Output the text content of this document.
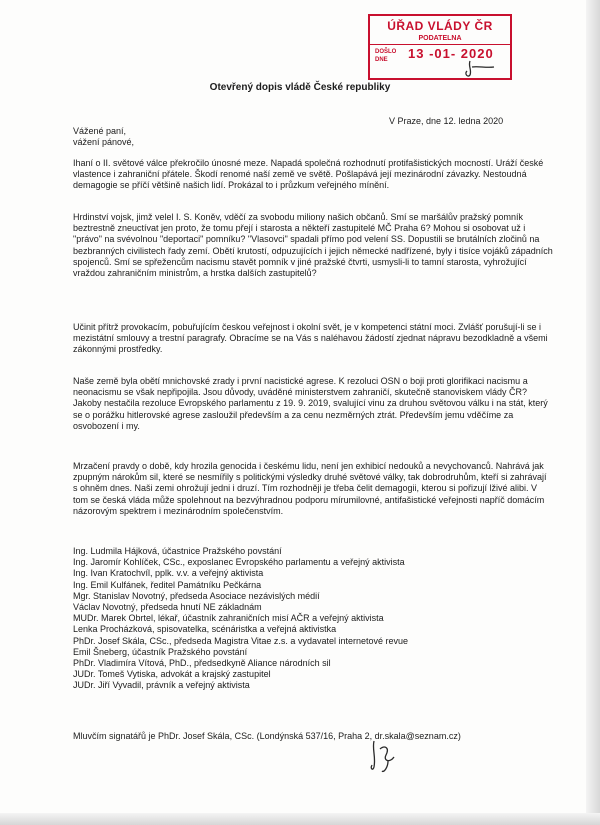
ÚŘAD VLÁDY ČR
PODATELNA
DOŠLO DNE	13 -01- 2020
Otevřený dopis vládě České republiky
V Praze, dne 12. ledna 2020

Vážené paní,

vážení pánové,

Ihaní o II. světové válce překročilo únosné meze. Napadá společná rozhodnutí protifašistických mocností. Uráží české vlastence i zahraniční přátele. Škodí renomé naší země ve světě. Pošlapává její mezinárodní závazky. Nestoudná demagogie se příčí většině našich lidí. Prokázal to i průzkum veřejného mínění.

Hrdinství vojsk, jimž velel I. S. Koněv, vděčí za svobodu miliony našich občanů. Smí se maršálův pražský pomník beztrestně zneuctívat jen proto, že tomu přejí i starosta a někteří zastupitelé MČ Praha 6? Mohou si osobovat už i "právo" na svévolnou "deportaci" pomníku? "Vlasovci" spadali přímo pod velení SS. Dopustili se brutálních zločinů na bezbranných civilistech řady zemí. Obětí krutostí, odpuzujících i jejich německé nadřízené, byly i tisíce vojáků západních spojenců. Smí se spřežencům nacismu stavět pomník v jiné pražské čtvrti, usmysli-li to tamní starosta, vyhrožující vraždou zahraničním ministrům, a hrstka dalších zastupitelů?

Učinit přítrž provokacím, pobuřujícím českou veřejnost i okolní svět, je v kompetenci státní moci. Zvlášť porušují-li se i mezistátní smlouvy a trestní paragrafy. Obracíme se na Vás s naléhavou žádostí zjednat nápravu bezodkladně a všemi zákonnými prostředky.

Naše země byla obětí mnichovské zrady i první nacistické agrese. K rezoluci OSN o boji proti glorifikaci nacismu a neonacismu se však nepřipojila. Jsou důvody, uváděné ministerstvem zahraničí, skutečně stanoviskem vlády ČR? Jakoby nestačila rezoluce Evropského parlamentu z 19. 9. 2019, svalující vinu za druhou světovou válku i na stát, který se o porážku hitlerovské agrese zasloužil především a za cenu nezměrných ztrát. Především jemu vděčíme za osvobození i my.

Mrzačení pravdy o době, kdy hrozila genocida i českému lidu, není jen exhibicí nedouků a nevychovanců. Nahrává jak zpupným nárokům sil, které se nesmířily s politickými výsledky druhé světové války, tak dobrodruhům, kteří si zahrávají s ohněm dnes. Naši zemi ohrožují jedni i druzí. Tím rozhodněji je třeba čelit demagogii, kterou si pořizují lživé alibi. V tom se česká vláda může spolehnout na bezvýhradnou podporu mírumilovné, antifašistické veřejnosti napříč domácím názorovým spektrem i mezinárodním společenstvím.

Ing. Ludmila Hájková, účastnice Pražského povstání
Ing. Jaromír Kohlíček, CSc., exposlanec Evropského parlamentu a veřejný aktivista
Ing. Ivan Kratochvíl, pplk. v.v. a veřejný aktivista
Ing. Emil Kulfánek, ředitel Památníku Pečkárna
Mgr. Stanislav Novotný, předseda Asociace nezávislých médií
Václav Novotný, předseda hnutí NE základnám
MUDr. Marek Obrtel, lékař, účastník zahraničních misí AČR a veřejný aktivista
Lenka Procházková, spisovatelka, scénáristka a veřejná aktivistka
PhDr. Josef Skála, CSc., předseda Magistra Vitae z.s. a vydavatel internetové revue
Emil Šneberg, účastník Pražského povstání
PhDr. Vladimíra Vítová, PhD., předsedkyně Aliance národních sil
JUDr. Tomeš Vytiska, advokát a krajský zastupitel
JUDr. Jiří Vyvadil, právník a veřejný aktivista
Mluvčím signatářů je PhDr. Josef Skála, CSc. (Londýnská 537/16, Praha 2, dr.skala@seznam.cz)
